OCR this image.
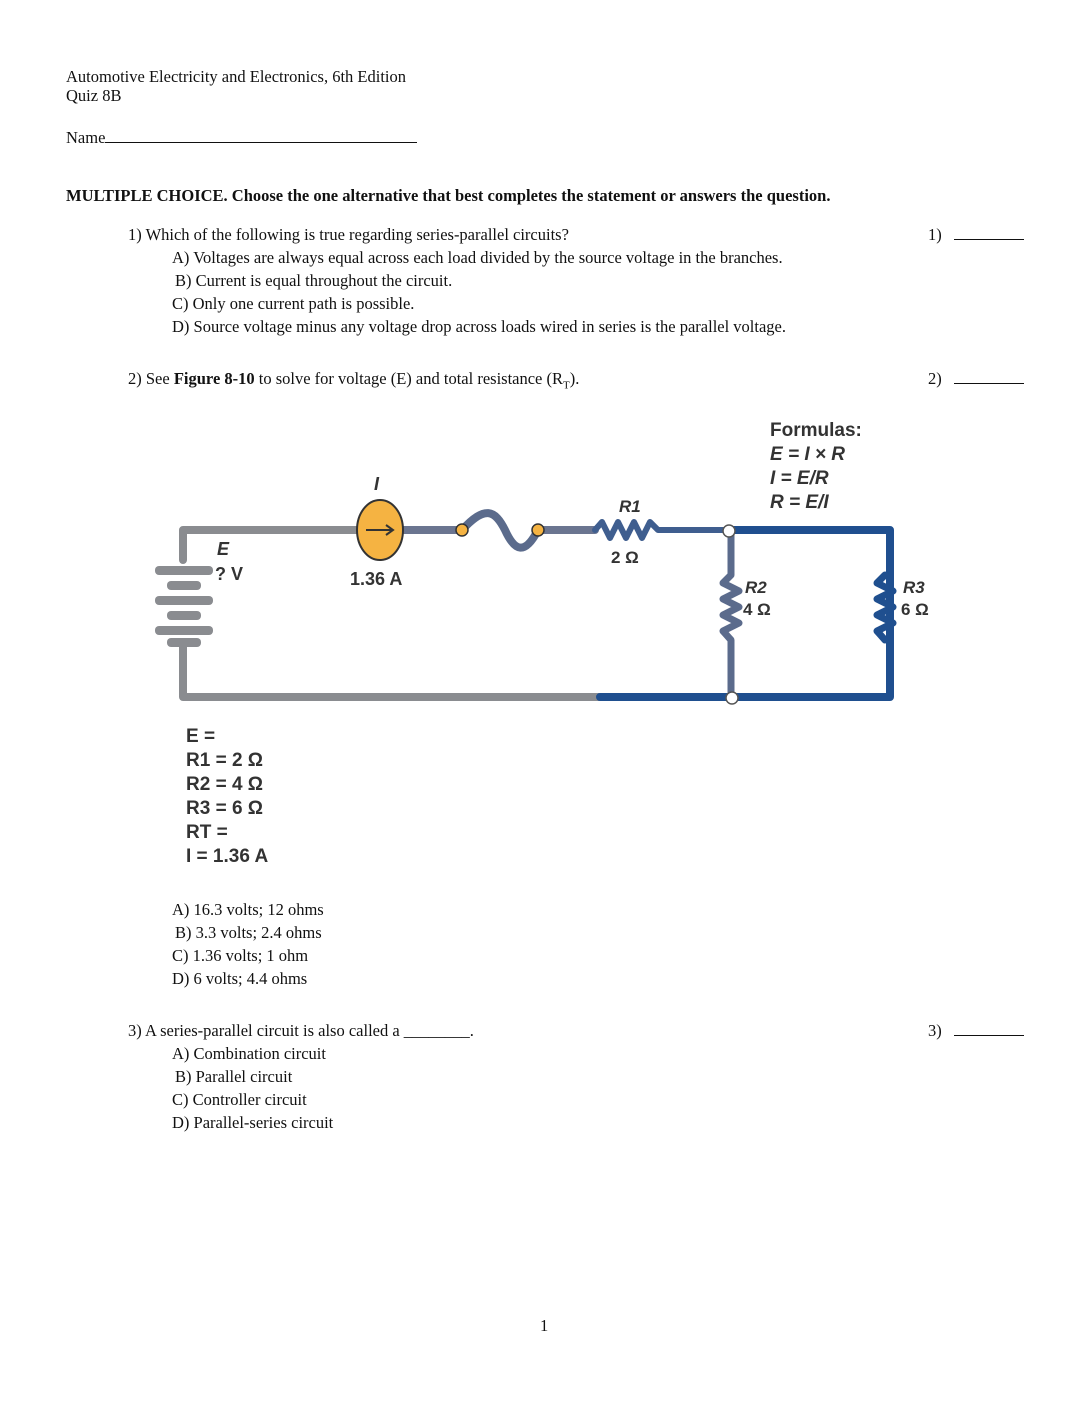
Automotive Electricity and Electronics, 6th Edition
Quiz 8B
Name
MULTIPLE CHOICE. Choose the one alternative that best completes the statement or answers the question.
1) Which of the following is true regarding series-parallel circuits?	1)
A) Voltages are always equal across each load divided by the source voltage in the branches.
B) Current is equal throughout the circuit.
C) Only one current path is possible.
D) Source voltage minus any voltage drop across loads wired in series is the parallel voltage.
2) See Figure 8-10 to solve for voltage (E) and total resistance $(R_T)$.	2)
Formulas:
E = I × R
I = E/R
R = E/I
I
1.36 A
E
? V
R1
2 Ω
R2
4 Ω
R3
6 Ω
E =
R1 = 2 Ω
R2 = 4 Ω
R3 = 6 Ω
RT =
I = 1.36 A
A) 16.3 volts; 12 ohms
B) 3.3 volts; 2.4 ohms
C) 1.36 volts; 1 ohm
D) 6 volts; 4.4 ohms
3) A series-parallel circuit is also called a ________.	3)
A) Combination circuit
B) Parallel circuit
C) Controller circuit
D) Parallel-series circuit
1
